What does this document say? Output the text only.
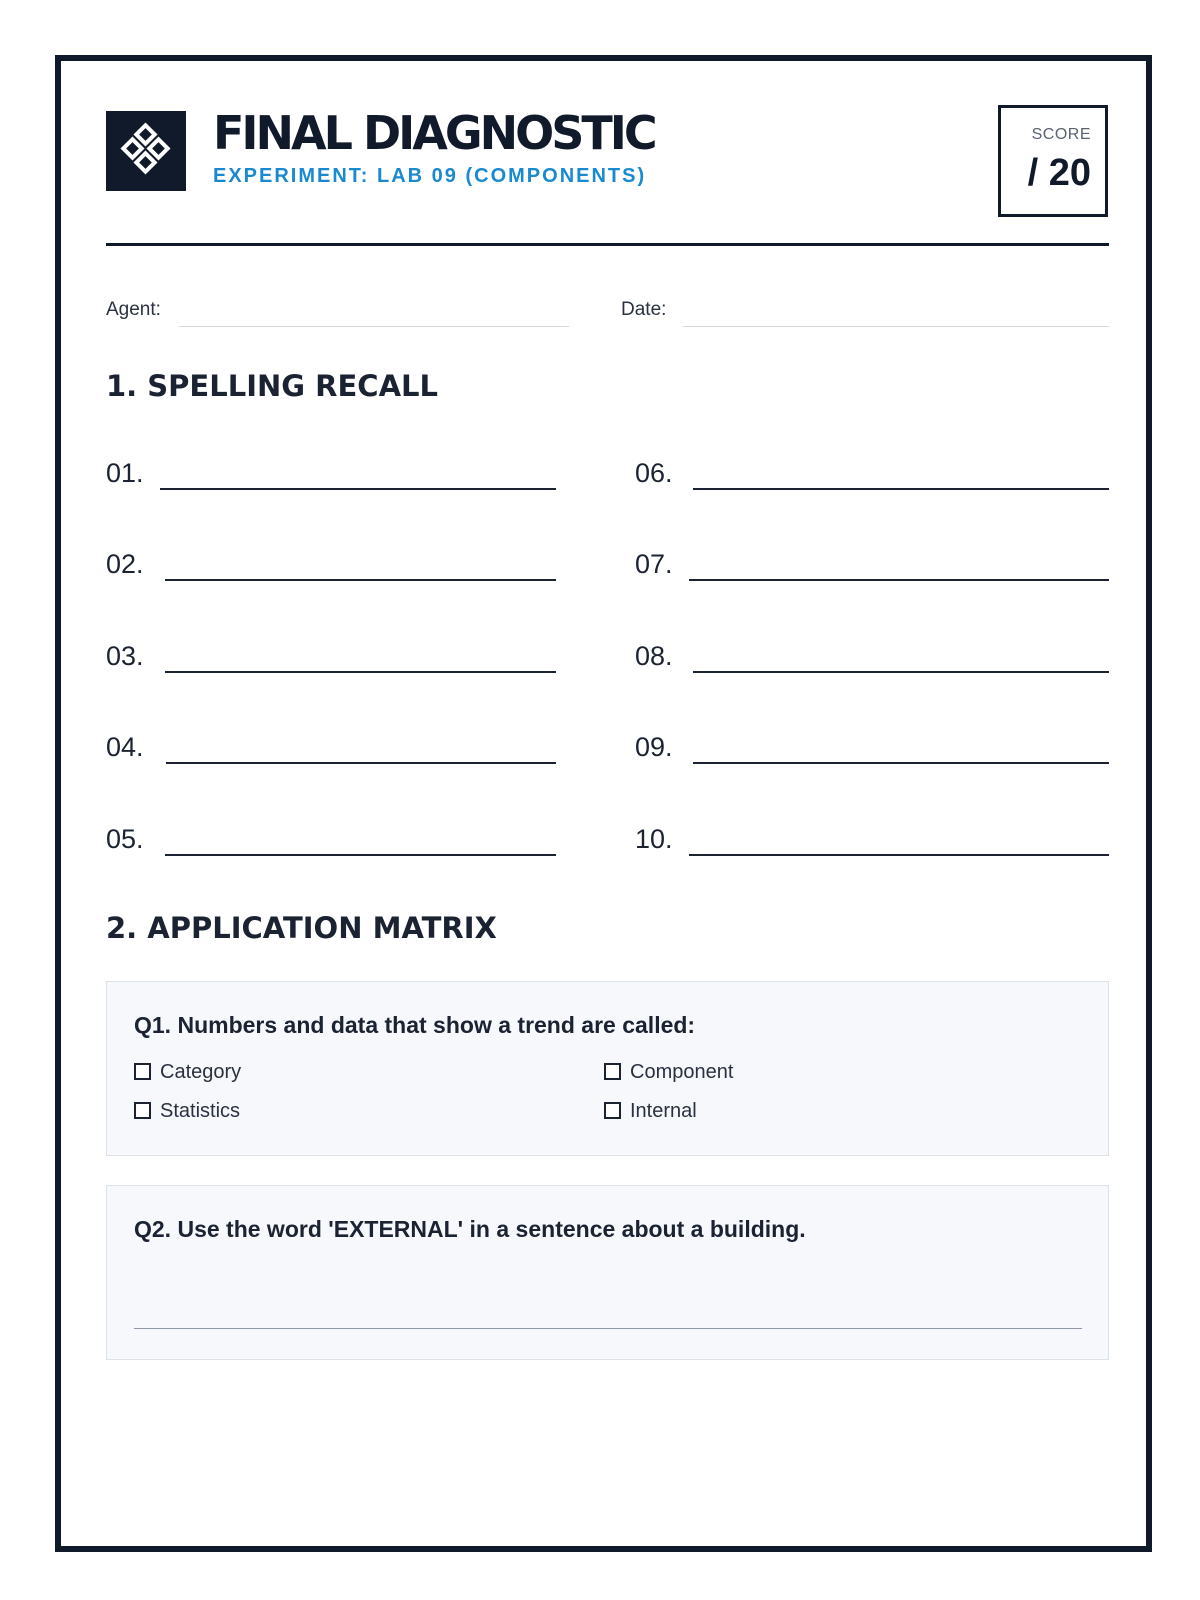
FINAL DIAGNOSTIC
EXPERIMENT: LAB 09 (COMPONENTS)
SCORE
/ 20
Agent:	Date:
1. SPELLING RECALL
01.
02.
03.
04.
05.
06.
07.
08.
09.
10.
2. APPLICATION MATRIX
Q1. Numbers and data that show a trend are called:
Category	Component
Statistics	Internal
Q2. Use the word 'EXTERNAL' in a sentence about a building.
